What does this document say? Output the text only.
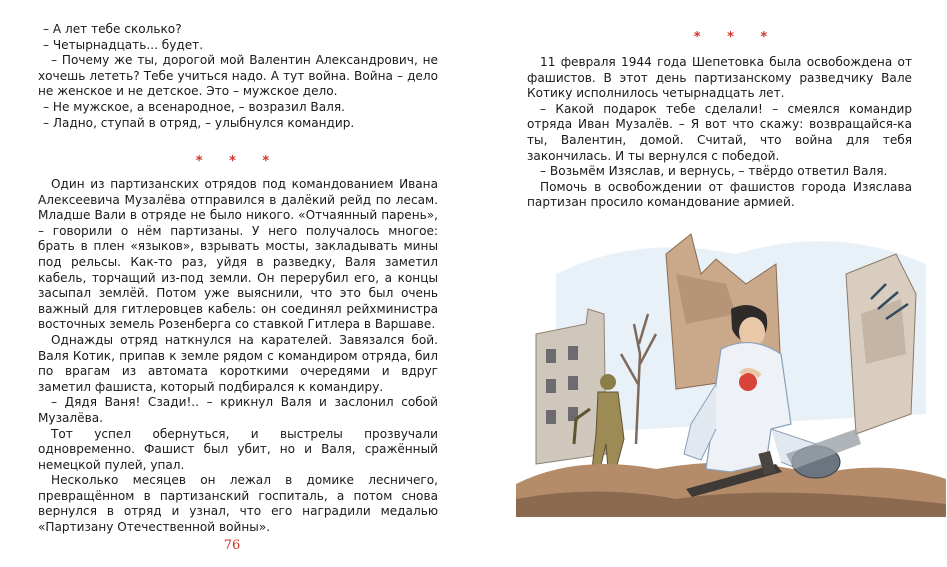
– А лет тебе сколько?

– Четырнадцать... будет.

– Почему же ты, дорогой мой Валентин Александрович, не хочешь лететь? Тебе учиться надо. А тут война. Война – дело не женское и не детское. Это – мужское дело.

– Не мужское, а всенародное, – возразил Валя.

– Ладно, ступай в отряд, – улыбнулся командир.

* * *

Один из партизанских отрядов под командованием Ивана Алексеевича Музалёва отправился в далёкий рейд по лесам. Младше Вали в отряде не было никого. «Отчаянный парень», – говорили о нём партизаны. У него получалось многое: брать в плен «языков», взрывать мосты, закладывать мины под рельсы. Как-то раз, уйдя в разведку, Валя заметил кабель, торчащий из-под земли. Он перерубил его, а концы засыпал землёй. Потом уже выяснили, что это был очень важный для гитлеровцев кабель: он соединял рейхминистра восточных земель Розенберга со ставкой Гитлера в Варшаве.

Однажды отряд наткнулся на карателей. Завязался бой. Валя Котик, припав к земле рядом с командиром отряда, бил по врагам из автомата короткими очередями и вдруг заметил фашиста, который подбирался к командиру.

– Дядя Ваня! Сзади!.. – крикнул Валя и заслонил собой Музалёва.

Тот успел обернуться, и выстрелы прозвучали одновременно. Фашист был убит, но и Валя, сражённый немецкой пулей, упал.

Несколько месяцев он лежал в домике лесничего, превращённом в партизанский госпиталь, а потом снова вернулся в отряд и узнал, что его наградили медалью «Партизану Отечественной войны».

76
* * *

11 февраля 1944 года Шепетовка была освобождена от фашистов. В этот день партизанскому разведчику Вале Котику исполнилось четырнадцать лет.

– Какой подарок тебе сделали! – смеялся командир отряда Иван Музалёв. – Я вот что скажу: возвращайся-ка ты, Валентин, домой. Считай, что война для тебя закончилась. И ты вернулся с победой.

– Возьмём Изяслав, и вернусь, – твёрдо ответил Валя.

Помочь в освобождении от фашистов города Изяслава партизан просило командование армией.
